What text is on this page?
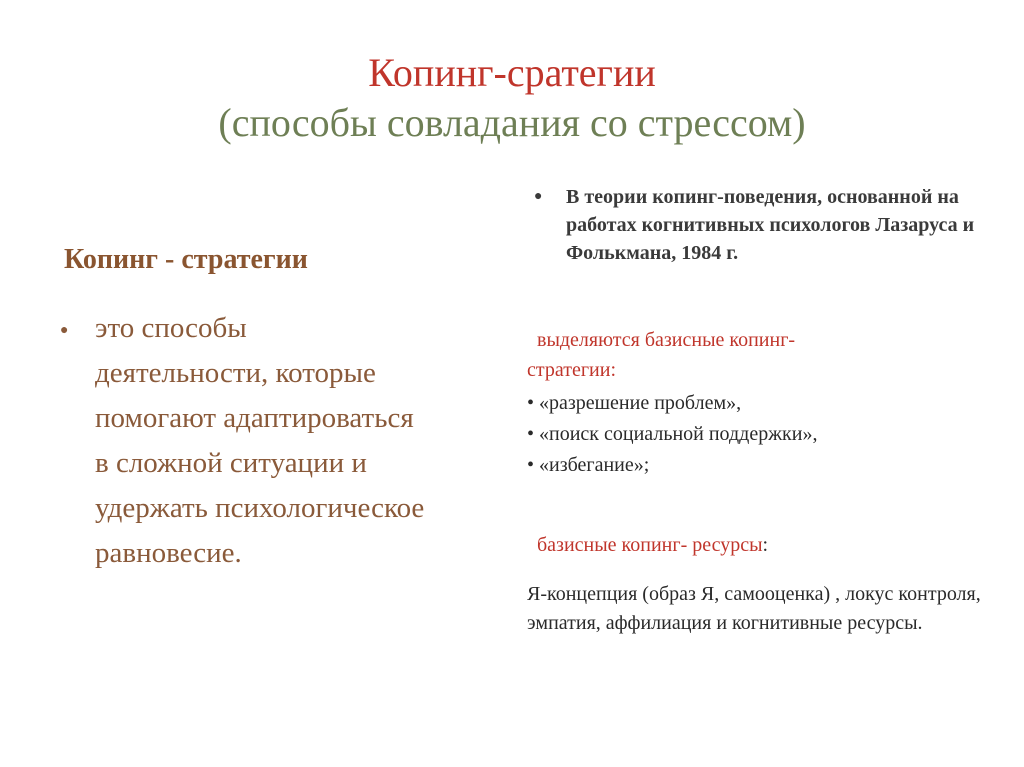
Копинг-сратегии
(способы совладания со стрессом)
Копинг - стратегии
● это способы деятельности, которые помогают адаптироваться в сложной ситуации и удержать психологическое равновесие.
● В теории копинг-поведения, основанной на работах когнитивных психологов Лазаруса и Фолькмана, 1984 г.
выделяются базисные копинг-
стратегии:
• «разрешение проблем»,
• «поиск социальной поддержки»,
• «избегание»;
базисные копинг- ресурсы:
Я-концепция (образ Я, самооценка) , локус контроля, эмпатия, аффилиация и когнитивные ресурсы.
